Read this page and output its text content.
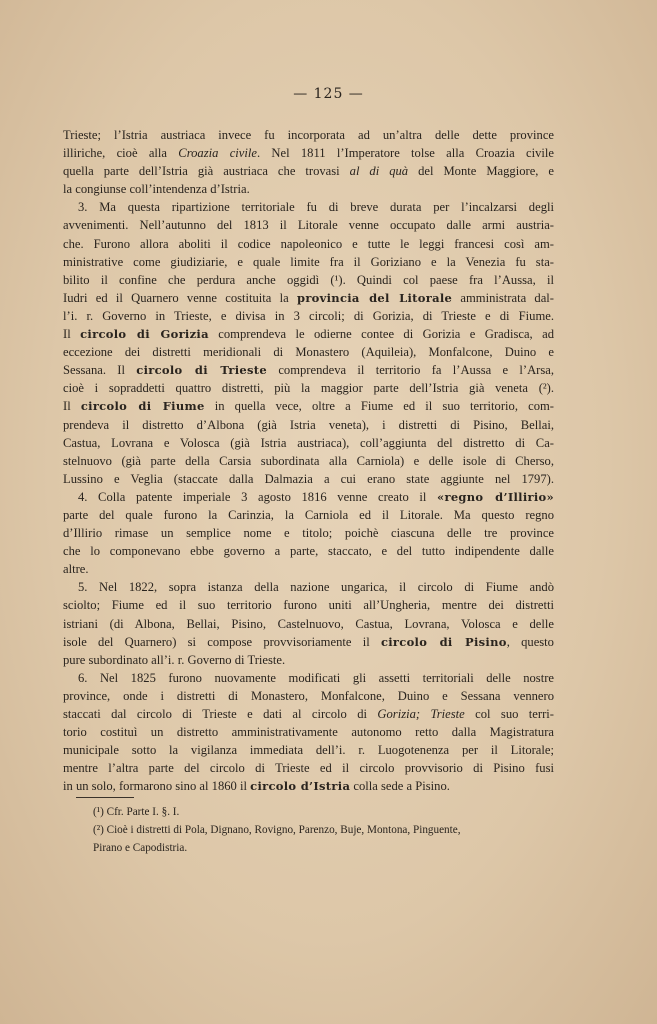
— 125 —
Trieste; l’Istria austriaca invece fu incorporata ad un’altra delle dette province
illiriche, cioè alla Croazia civile. Nel 1811 l’Imperatore tolse alla Croazia civile
quella parte dell’Istria già austriaca che trovasi al di quà del Monte Maggiore, e
la congiunse coll’intendenza d’Istria.
3. Ma questa ripartizione territoriale fu di breve durata per l’incalzarsi degli
avvenimenti. Nell’autunno del 1813 il Litorale venne occupato dalle armi austria-
che. Furono allora aboliti il codice napoleonico e tutte le leggi francesi così am-
ministrative come giudiziarie, e quale limite fra il Goriziano e la Venezia fu sta-
bilito il confine che perdura anche oggidì (¹). Quindi col paese fra l’Aussa, il
Iudri ed il Quarnero venne costituita la provincia del Litorale amministrata dal-
l’i. r. Governo in Trieste, e divisa in 3 circoli; di Gorizia, di Trieste e di Fiume.
Il circolo di Gorizia comprendeva le odierne contee di Gorizia e Gradisca, ad
eccezione dei distretti meridionali di Monastero (Aquileia), Monfalcone, Duino e
Sessana. Il circolo di Trieste comprendeva il territorio fa l’Aussa e l’Arsa,
cioè i sopraddetti quattro distretti, più la maggior parte dell’Istria già veneta (²).
Il circolo di Fiume in quella vece, oltre a Fiume ed il suo territorio, com-
prendeva il distretto d’Albona (già Istria veneta), i distretti di Pisino, Bellai,
Castua, Lovrana e Volosca (già Istria austriaca), coll’aggiunta del distretto di Ca-
stelnuovo (già parte della Carsia subordinata alla Carniola) e delle isole di Cherso,
Lussino e Veglia (staccate dalla Dalmazia a cui erano state aggiunte nel 1797).
4. Colla patente imperiale 3 agosto 1816 venne creato il «regno d’Illirio»
parte del quale furono la Carinzia, la Carniola ed il Litorale. Ma questo regno
d’Illirio rimase un semplice nome e titolo; poichè ciascuna delle tre province
che lo componevano ebbe governo a parte, staccato, e del tutto indipendente dalle
altre.
5. Nel 1822, sopra istanza della nazione ungarica, il circolo di Fiume andò
sciolto; Fiume ed il suo territorio furono uniti all’Ungheria, mentre dei distretti
istriani (di Albona, Bellai, Pisino, Castelnuovo, Castua, Lovrana, Volosca e delle
isole del Quarnero) si compose provvisoriamente il circolo di Pisino, questo
pure subordinato all’i. r. Governo di Trieste.
6. Nel 1825 furono nuovamente modificati gli assetti territoriali delle nostre
province, onde i distretti di Monastero, Monfalcone, Duino e Sessana vennero
staccati dal circolo di Trieste e dati al circolo di Gorizia; Trieste col suo terri-
torio costituì un distretto amministrativamente autonomo retto dalla Magistratura
municipale sotto la vigilanza immediata dell’i. r. Luogotenenza per il Litorale;
mentre l’altra parte del circolo di Trieste ed il circolo provvisorio di Pisino fusi
in un solo, formarono sino al 1860 il circolo d’Istria colla sede a Pisino.
(¹) Cfr. Parte I. §. I.
(²) Cioè i distretti di Pola, Dignano, Rovigno, Parenzo, Buje, Montona, Pinguente,
Pirano e Capodistria.
